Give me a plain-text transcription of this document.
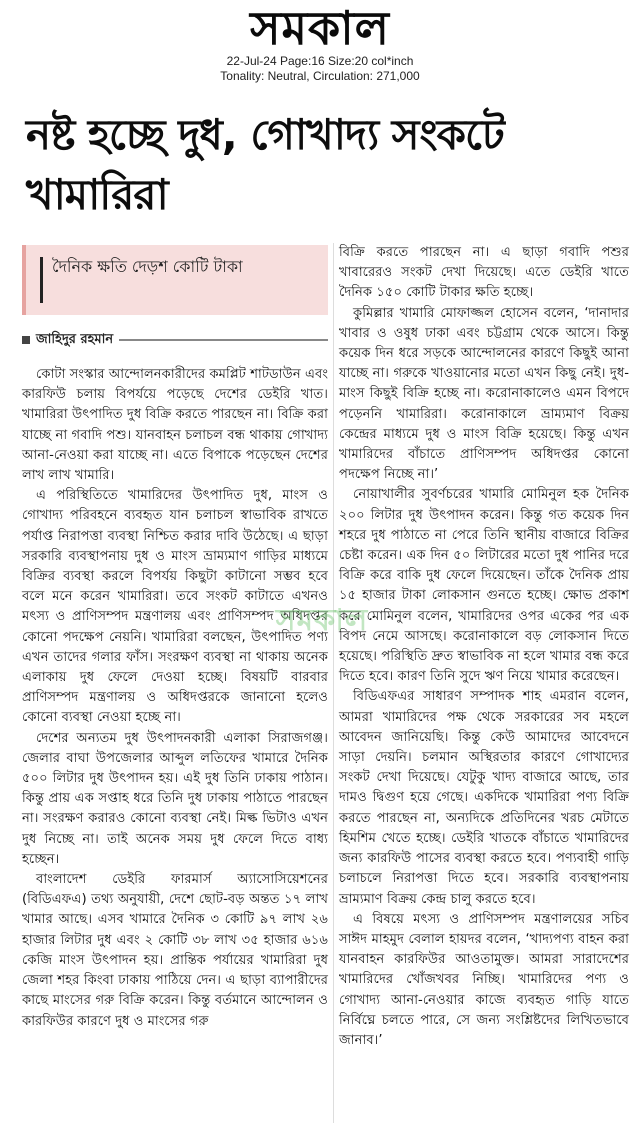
সমকাল
22-Jul-24 Page:16 Size:20 col*inch
Tonality: Neutral, Circulation: 271,000
নষ্ট হচ্ছে দুধ, গোখাদ্য সংকটে খামারিরা
দৈনিক ক্ষতি দেড়শ কোটি টাকা
জাহিদুর রহমান

কোটা সংস্কার আন্দোলনকারীদের কমপ্লিট শাটডাউন এবং কারফিউ চলায় বিপর্যয়ে পড়েছে দেশের ডেইরি খাত। খামারিরা উৎপাদিত দুধ বিক্রি করতে পারছেন না। বিক্রি করা যাচ্ছে না গবাদি পশু। যানবাহন চলাচল বন্ধ থাকায় গোখাদ্য আনা-নেওয়া করা যাচ্ছে না। এতে বিপাকে পড়েছেন দেশের লাখ লাখ খামারি।

এ পরিস্থিতিতে খামারিদের উৎপাদিত দুধ, মাংস ও গোখাদ্য পরিবহনে ব্যবহৃত যান চলাচল স্বাভাবিক রাখতে পর্যাপ্ত নিরাপত্তা ব্যবস্থা নিশ্চিত করার দাবি উঠেছে। এ ছাড়া সরকারি ব্যবস্থাপনায় দুধ ও মাংস ভ্রাম্যমাণ গাড়ির মাধ্যমে বিক্রির ব্যবস্থা করলে বিপর্যয় কিছুটা কাটানো সম্ভব হবে বলে মনে করেন খামারিরা। তবে সংকট কাটাতে এখনও মৎস্য ও প্রাণিসম্পদ মন্ত্রণালয় এবং প্রাণিসম্পদ অধিদপ্তর কোনো পদক্ষেপ নেয়নি। খামারিরা বলছেন, উৎপাদিত পণ্য এখন তাদের গলার ফাঁস। সংরক্ষণ ব্যবস্থা না থাকায় অনেক এলাকায় দুধ ফেলে দেওয়া হচ্ছে। বিষয়টি বারবার প্রাণিসম্পদ মন্ত্রণালয় ও অধিদপ্তরকে জানানো হলেও কোনো ব্যবস্থা নেওয়া হচ্ছে না।

দেশের অন্যতম দুধ উৎপাদনকারী এলাকা সিরাজগঞ্জ। জেলার বাঘা উপজেলার আব্দুল লতিফের খামারে দৈনিক ৫০০ লিটার দুধ উৎপাদন হয়। এই দুধ তিনি ঢাকায় পাঠান। কিন্তু প্রায় এক সপ্তাহ ধরে তিনি দুধ ঢাকায় পাঠাতে পারছেন না। সংরক্ষণ করারও কোনো ব্যবস্থা নেই। মিল্ক ভিটাও এখন দুধ নিচ্ছে না। তাই অনেক সময় দুধ ফেলে দিতে বাধ্য হচ্ছেন।

বাংলাদেশ ডেইরি ফারমার্স অ্যাসোসিয়েশনের (বিডিএফএ) তথ্য অনুযায়ী, দেশে ছোট-বড় অন্তত ১৭ লাখ খামার আছে। এসব খামারে দৈনিক ৩ কোটি ৯৭ লাখ ২৬ হাজার লিটার দুধ এবং ২ কোটি ৩৮ লাখ ৩৫ হাজার ৬১৬ কেজি মাংস উৎপাদন হয়। প্রান্তিক পর্যায়ের খামারিরা দুধ জেলা শহর কিংবা ঢাকায় পাঠিয়ে দেন। এ ছাড়া ব্যাপারীদের কাছে মাংসের গরু বিক্রি করেন। কিন্তু বর্তমানে আন্দোলন ও কারফিউর কারণে দুধ ও মাংসের গরু

বিক্রি করতে পারছেন না। এ ছাড়া গবাদি পশুর খাবারেরও সংকট দেখা দিয়েছে। এতে ডেইরি খাতে দৈনিক ১৫০ কোটি টাকার ক্ষতি হচ্ছে।

কুমিল্লার খামারি মোফাজ্জল হোসেন বলেন, ‘দানাদার খাবার ও ওষুধ ঢাকা এবং চট্টগ্রাম থেকে আসে। কিন্তু কয়েক দিন ধরে সড়কে আন্দোলনের কারণে কিছুই আনা যাচ্ছে না। গরুকে খাওয়ানোর মতো এখন কিছু নেই। দুধ-মাংস কিছুই বিক্রি হচ্ছে না। করোনাকালেও এমন বিপদে পড়েননি খামারিরা। করোনাকালে ভ্রাম্যমাণ বিক্রয় কেন্দ্রের মাধ্যমে দুধ ও মাংস বিক্রি হয়েছে। কিন্তু এখন খামারিদের বাঁচাতে প্রাণিসম্পদ অধিদপ্তর কোনো পদক্ষেপ নিচ্ছে না।’

নোয়াখালীর সুবর্ণচরের খামারি মোমিনুল হক দৈনিক ২০০ লিটার দুধ উৎপাদন করেন। কিন্তু গত কয়েক দিন শহরে দুধ পাঠাতে না পেরে তিনি স্থানীয় বাজারে বিক্রির চেষ্টা করেন। এক দিন ৫০ লিটারের মতো দুধ পানির দরে বিক্রি করে বাকি দুধ ফেলে দিয়েছেন। তাঁকে দৈনিক প্রায় ১৫ হাজার টাকা লোকসান গুনতে হচ্ছে। ক্ষোভ প্রকাশ করে মোমিনুল বলেন, খামারিদের ওপর একের পর এক বিপদ নেমে আসছে। করোনাকালে বড় লোকসান দিতে হয়েছে। পরিস্থিতি দ্রুত স্বাভাবিক না হলে খামার বন্ধ করে দিতে হবে। কারণ তিনি সুদে ঋণ নিয়ে খামার করেছেন।

বিডিএফএর সাধারণ সম্পাদক শাহ এমরান বলেন, আমরা খামারিদের পক্ষ থেকে সরকারের সব মহলে আবেদন জানিয়েছি। কিন্তু কেউ আমাদের আবেদনে সাড়া দেয়নি। চলমান অস্থিরতার কারণে গোখাদ্যের সংকট দেখা দিয়েছে। যেটুকু খাদ্য বাজারে আছে, তার দামও দ্বিগুণ হয়ে গেছে। একদিকে খামারিরা পণ্য বিক্রি করতে পারছেন না, অন্যদিকে প্রতিদিনের খরচ মেটাতে হিমশিম খেতে হচ্ছে। ডেইরি খাতকে বাঁচাতে খামারিদের জন্য কারফিউ পাসের ব্যবস্থা করতে হবে। পণ্যবাহী গাড়ি চলাচলে নিরাপত্তা দিতে হবে। সরকারি ব্যবস্থাপনায় ভ্রাম্যমাণ বিক্রয় কেন্দ্র চালু করতে হবে।

এ বিষয়ে মৎস্য ও প্রাণিসম্পদ মন্ত্রণালয়ের সচিব সাঈদ মাহমুদ বেলাল হায়দর বলেন, ‘খাদ্যপণ্য বাহন করা যানবাহন কারফিউর আওতামুক্ত। আমরা সারাদেশের খামারিদের খোঁজখবর নিচ্ছি। খামারিদের পণ্য ও গোখাদ্য আনা-নেওয়ার কাজে ব্যবহৃত গাড়ি যাতে নির্বিঘ্নে চলতে পারে, সে জন্য সংশ্লিষ্টদের লিখিতভাবে জানাব।’

সমকাল
